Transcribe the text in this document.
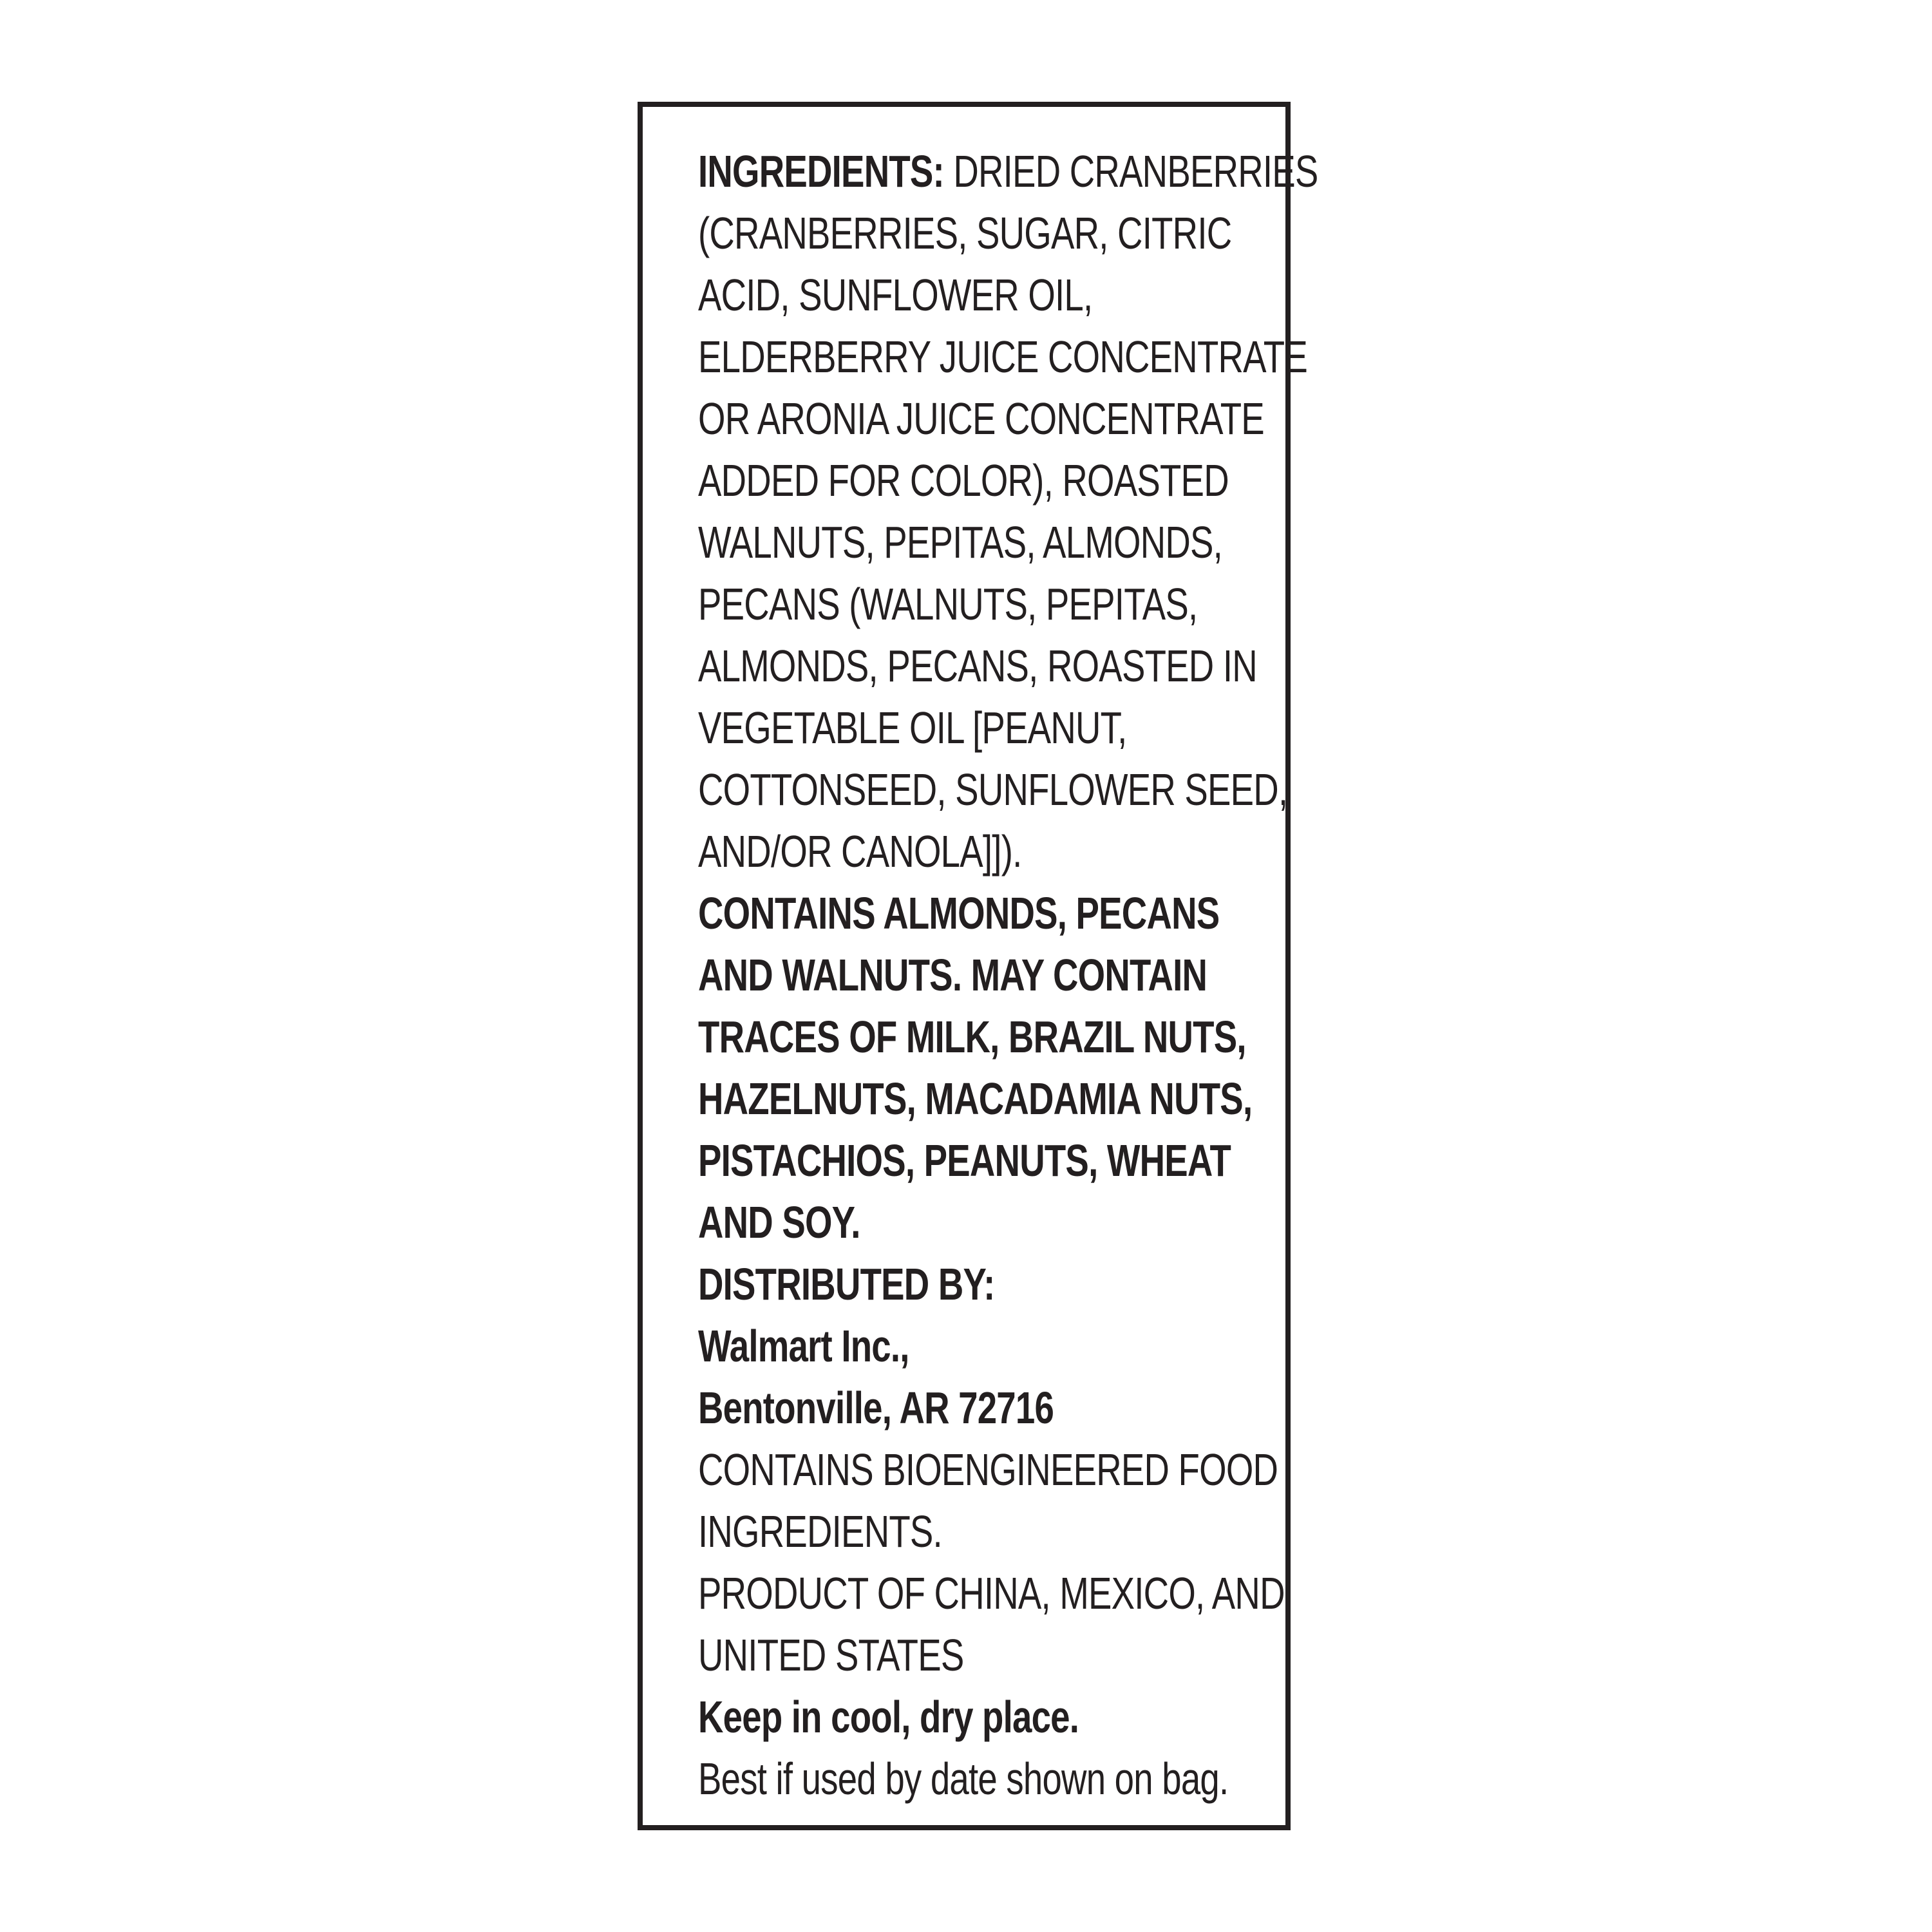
INGREDIENTS: DRIED CRANBERRIES
(CRANBERRIES, SUGAR, CITRIC
ACID, SUNFLOWER OIL,
ELDERBERRY JUICE CONCENTRATE
OR ARONIA JUICE CONCENTRATE
ADDED FOR COLOR), ROASTED
WALNUTS, PEPITAS, ALMONDS,
PECANS (WALNUTS, PEPITAS,
ALMONDS, PECANS, ROASTED IN
VEGETABLE OIL [PEANUT,
COTTONSEED, SUNFLOWER SEED,
AND/OR CANOLA]]).
CONTAINS ALMONDS, PECANS
AND WALNUTS. MAY CONTAIN
TRACES OF MILK, BRAZIL NUTS,
HAZELNUTS, MACADAMIA NUTS,
PISTACHIOS, PEANUTS, WHEAT
AND SOY.
DISTRIBUTED BY:
Walmart Inc.,
Bentonville, AR 72716
CONTAINS BIOENGINEERED FOOD
INGREDIENTS.
PRODUCT OF CHINA, MEXICO, AND
UNITED STATES
Keep in cool, dry place.
Best if used by date shown on bag.
